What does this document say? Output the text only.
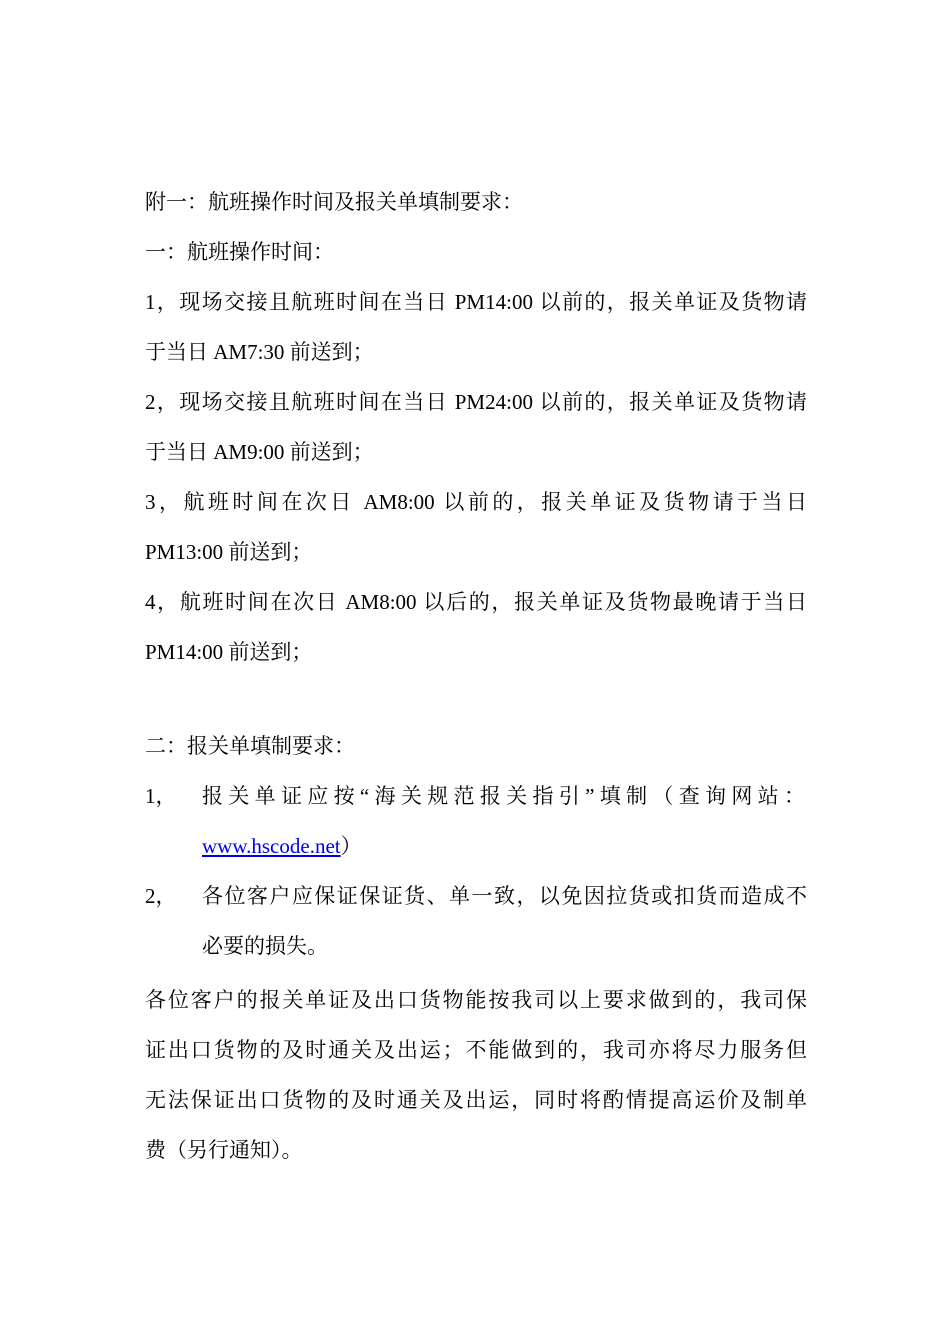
附一：航班操作时间及报关单填制要求：
一：航班操作时间：
1，现场交接且航班时间在当日 PM14:00 以前的，报关单证及货物请
于当日 AM7:30 前送到；
2，现场交接且航班时间在当日 PM24:00 以前的，报关单证及货物请
于当日 AM9:00 前送到；
3，航班时间在次日 AM8:00 以前的，报关单证及货物请于当日
PM13:00 前送到；
4，航班时间在次日 AM8:00 以后的，报关单证及货物最晚请于当日
PM14:00 前送到；
二：报关单填制要求：
1， 报关单证应按“海关规范报关指引”填制（查询网站：
www.hscode.net）
2， 各位客户应保证保证货、单一致，以免因拉货或扣货而造成不
必要的损失。
各位客户的报关单证及出口货物能按我司以上要求做到的，我司保
证出口货物的及时通关及出运；不能做到的，我司亦将尽力服务但
无法保证出口货物的及时通关及出运，同时将酌情提高运价及制单
费（另行通知）。
